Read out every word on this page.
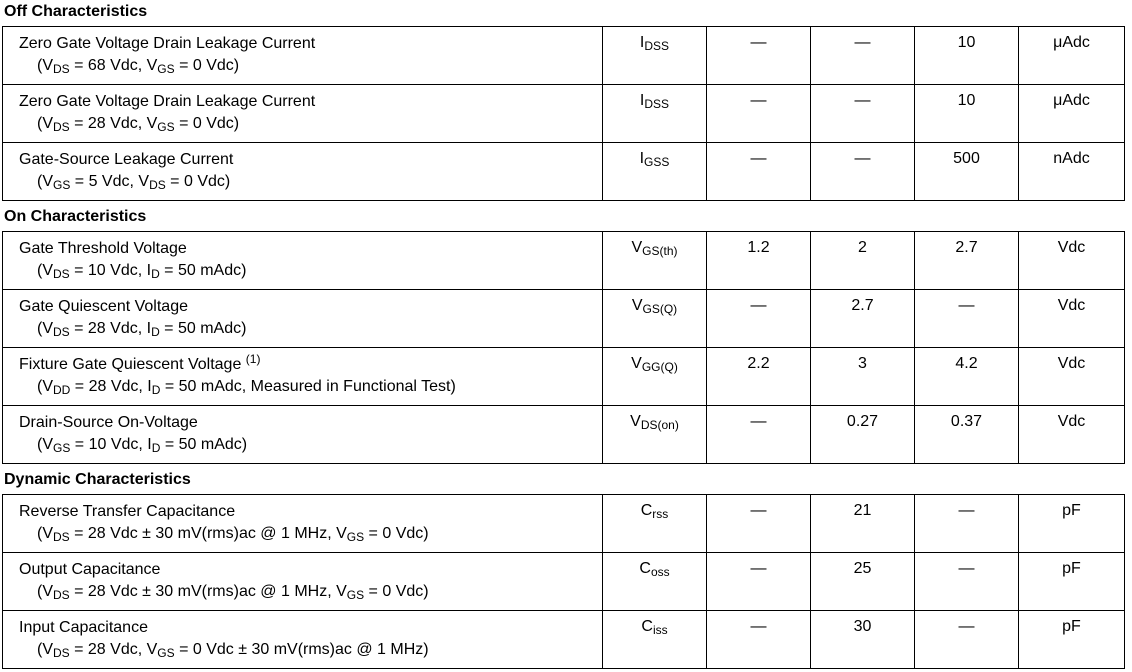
Off Characteristics
Zero Gate Voltage Drain Leakage Current
($V_{DS} = 68$ Vdc, $V_{GS} = 0$ Vdc)
$I_{DSS}$	—	—	10	μAdc
Zero Gate Voltage Drain Leakage Current
($V_{DS} = 28$ Vdc, $V_{GS} = 0$ Vdc)
$I_{DSS}$	—	—	10	μAdc
Gate-Source Leakage Current
($V_{GS} = 5$ Vdc, $V_{DS} = 0$ Vdc)
$I_{GSS}$	—	—	500	nAdc
On Characteristics
Gate Threshold Voltage
($V_{DS} = 10$ Vdc, $I_D = 50$ mAdc)
$V_{GS(th)}$	1.2	2	2.7	Vdc
Gate Quiescent Voltage
($V_{DS} = 28$ Vdc, $I_D = 50$ mAdc)
$V_{GS(Q)}$	—	2.7	—	Vdc
Fixture Gate Quiescent Voltage $^{(1)}$
($V_{DD} = 28$ Vdc, $I_D = 50$ mAdc, Measured in Functional Test)
$V_{GG(Q)}$	2.2	3	4.2	Vdc
Drain-Source On-Voltage
($V_{GS} = 10$ Vdc, $I_D = 50$ mAdc)
$V_{DS(on)}$	—	0.27	0.37	Vdc
Dynamic Characteristics
Reverse Transfer Capacitance
($V_{DS} = 28$ Vdc ± 30 mV(rms)ac @ 1 MHz, $V_{GS} = 0$ Vdc)
$C_{rss}$	—	21	—	pF
Output Capacitance
($V_{DS} = 28$ Vdc ± 30 mV(rms)ac @ 1 MHz, $V_{GS} = 0$ Vdc)
$C_{oss}$	—	25	—	pF
Input Capacitance
($V_{DS} = 28$ Vdc, $V_{GS} = 0$ Vdc ± 30 mV(rms)ac @ 1 MHz)
$C_{iss}$	—	30	—	pF
